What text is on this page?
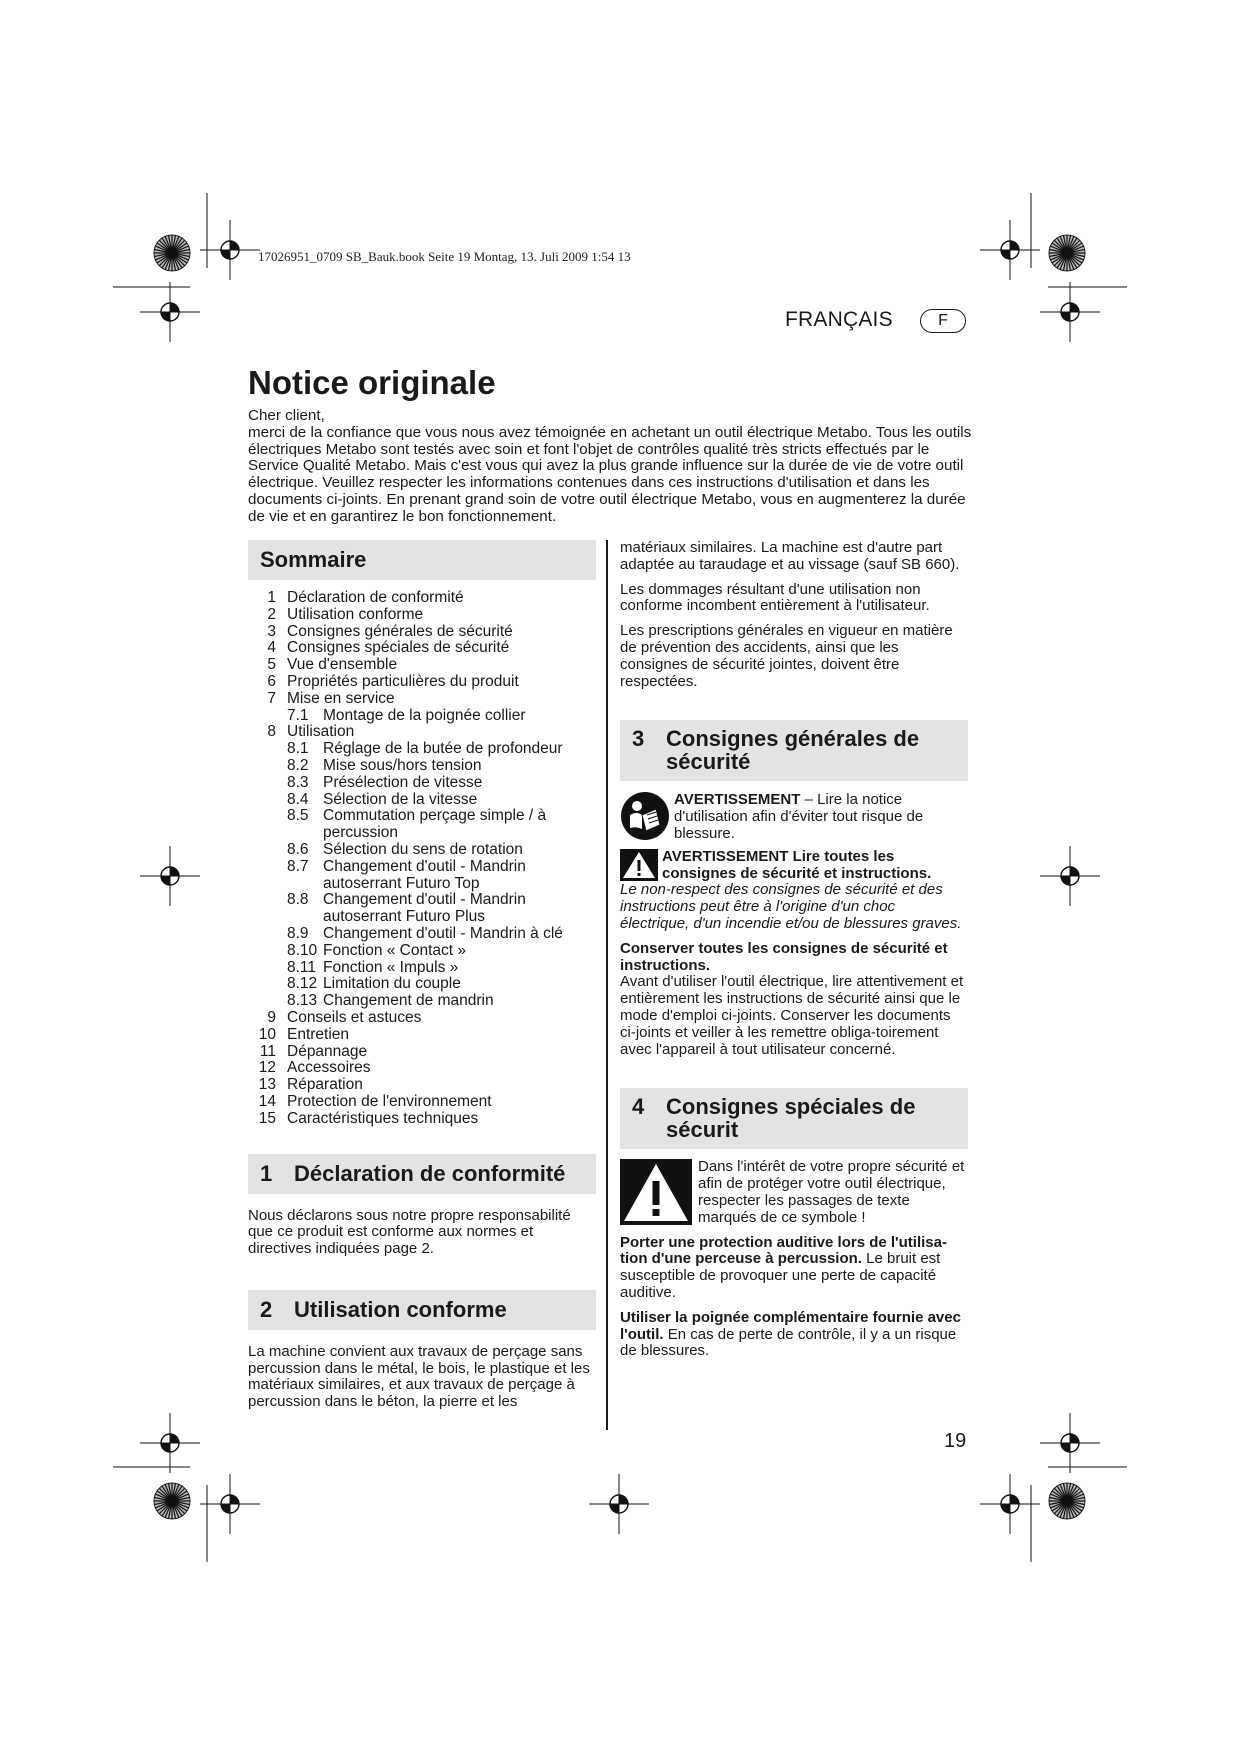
17026951_0709 SB_Bauk.book Seite 19 Montag, 13. Juli 2009 1:54 13
FRANÇAIS	F
Notice originale

Cher client,

merci de la confiance que vous nous avez témoignée en achetant un outil électrique Metabo. Tous les outils électriques Metabo sont testés avec soin et font l'objet de contrôles qualité très stricts effectués par le Service Qualité Metabo. Mais c'est vous qui avez la plus grande influence sur la durée de vie de votre outil électrique. Veuillez respecter les informations contenues dans ces instructions d'utilisation et dans les documents ci-joints. En prenant grand soin de votre outil électrique Metabo, vous en augmenterez la durée de vie et en garantirez le bon fonctionnement.

Sommaire
1 Déclaration de conformité
2 Utilisation conforme
3 Consignes générales de sécurité
4 Consignes spéciales de sécurité
5 Vue d'ensemble
6 Propriétés particulières du produit
7 Mise en service
7.1 Montage de la poignée collier
8 Utilisation
8.1 Réglage de la butée de profondeur
8.2 Mise sous/hors tension
8.3 Présélection de vitesse
8.4 Sélection de la vitesse
8.5 Commutation perçage simple / à percussion
8.6 Sélection du sens de rotation
8.7 Changement d'outil - Mandrin autoserrant Futuro Top
8.8 Changement d'outil - Mandrin autoserrant Futuro Plus
8.9 Changement d'outil - Mandrin à clé
8.10 Fonction « Contact »
8.11 Fonction « Impuls »
8.12 Limitation du couple
8.13 Changement de mandrin
9 Conseils et astuces
10 Entretien
11 Dépannage
12 Accessoires
13 Réparation
14 Protection de l'environnement
15 Caractéristiques techniques
1 Déclaration de conformité

Nous déclarons sous notre propre responsabilité que ce produit est conforme aux normes et directives indiquées page 2.

2 Utilisation conforme

La machine convient aux travaux de perçage sans percussion dans le métal, le bois, le plastique et les matériaux similaires, et aux travaux de perçage à percussion dans le béton, la pierre et les

matériaux similaires. La machine est d'autre part adaptée au taraudage et au vissage (sauf SB 660).

Les dommages résultant d'une utilisation non conforme incombent entièrement à l'utilisateur.

Les prescriptions générales en vigueur en matière de prévention des accidents, ainsi que les consignes de sécurité jointes, doivent être respectées.

3 Consignes générales de
sécurité

AVERTISSEMENT – Lire la notice d'utilisation afin d'éviter tout risque de blessure.

AVERTISSEMENT Lire toutes les consignes de sécurité et instructions.

Le non-respect des consignes de sécurité et des instructions peut être à l'origine d'un choc électrique, d'un incendie et/ou de blessures graves.

Conserver toutes les consignes de sécurité et instructions.

Avant d'utiliser l'outil électrique, lire attentivement et entièrement les instructions de sécurité ainsi que le mode d'emploi ci-joints. Conserver les documents ci-joints et veiller à les remettre obliga-toirement avec l'appareil à tout utilisateur concerné.

4 Consignes spéciales de
sécurit

Dans l'intérêt de votre propre sécurité et afin de protéger votre outil électrique, respecter les passages de texte marqués de ce symbole !

Porter une protection auditive lors de l'utilisa-tion d'une perceuse à percussion. Le bruit est susceptible de provoquer une perte de capacité auditive.

Utiliser la poignée complémentaire fournie avec l'outil. En cas de perte de contrôle, il y a un risque de blessures.

19
